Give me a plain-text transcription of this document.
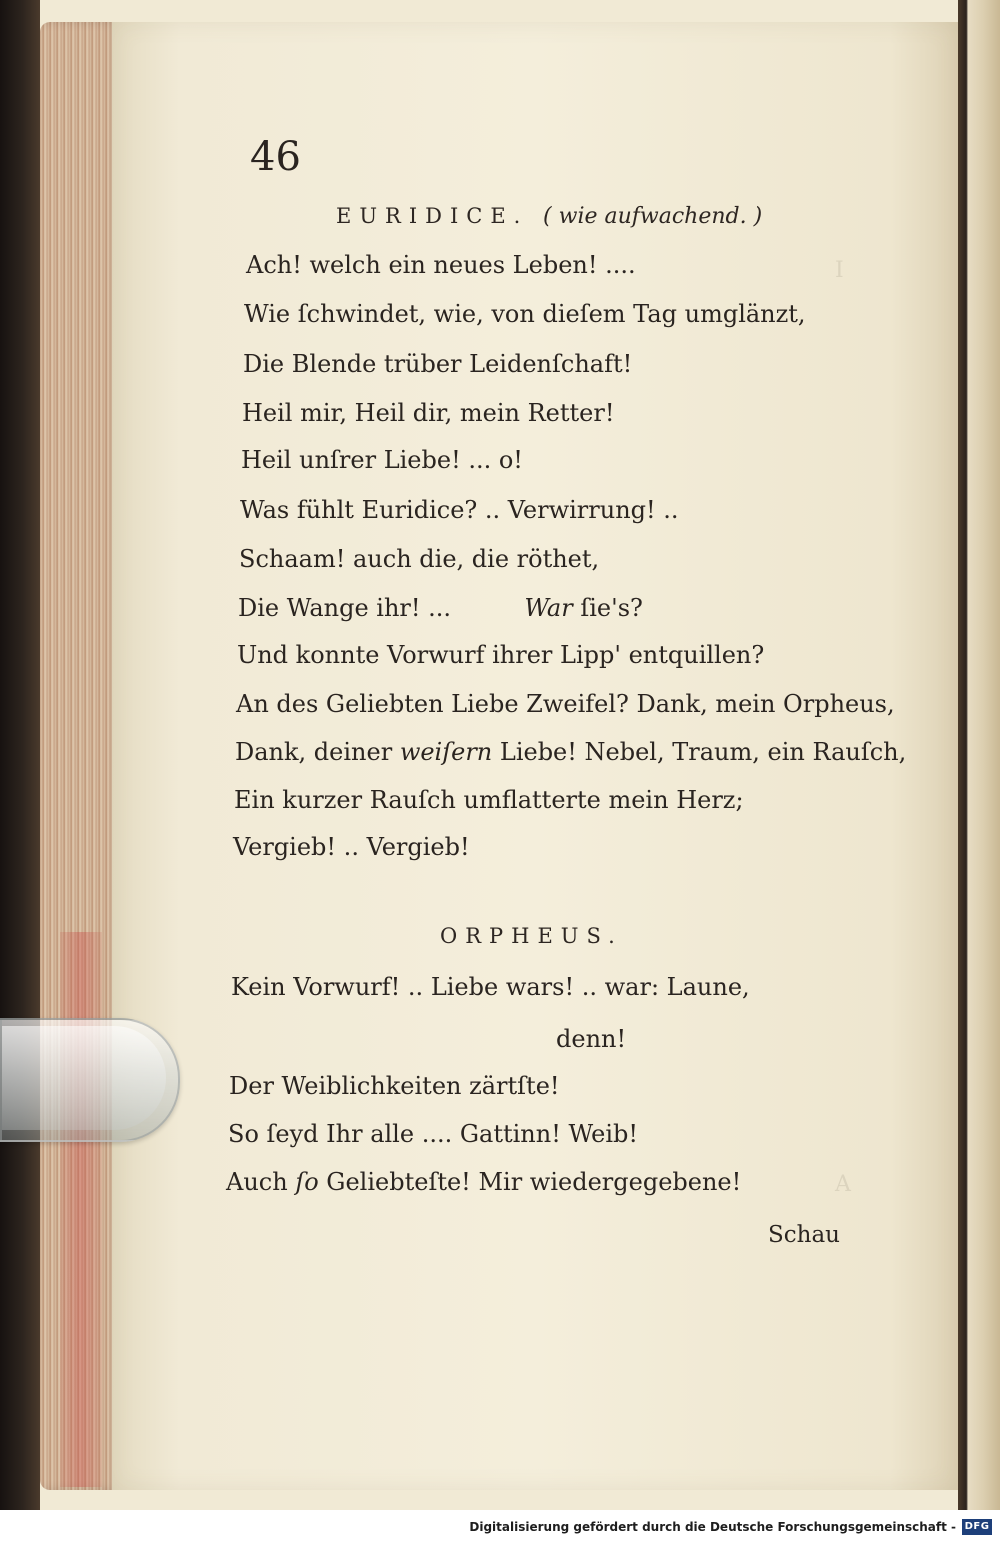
46
EURIDICE. ( wie aufwachend. )
Ach! welch ein neues Leben! ....
Wie ſchwindet, wie, von dieſem Tag umglänzt,
Die Blende trüber Leidenſchaft!
Heil mir, Heil dir, mein Retter!
Heil unſrer Liebe! ... o!
Was fühlt Euridice? .. Verwirrung! ..
Schaam! auch die, die röthet,
Die Wange ihr! ...	War ſie's?
Und konnte Vorwurf ihrer Lipp' entquillen?
An des Geliebten Liebe Zweifel? Dank, mein Orpheus,
Dank, deiner weiſern Liebe! Nebel, Traum, ein Rauſch,
Ein kurzer Rauſch umflatterte mein Herz;
Vergieb! .. Vergieb!
ORPHEUS.
Kein Vorwurf! .. Liebe wars! .. war: Laune,
denn!
Der Weiblichkeiten zärtſte!
So ſeyd Ihr alle .... Gattinn! Weib!
Auch ſo Geliebteſte! Mir wiedergegebene!
Schau
I
A
Digitalisierung gefördert durch die Deutsche Forschungsgemeinschaft - DFG
